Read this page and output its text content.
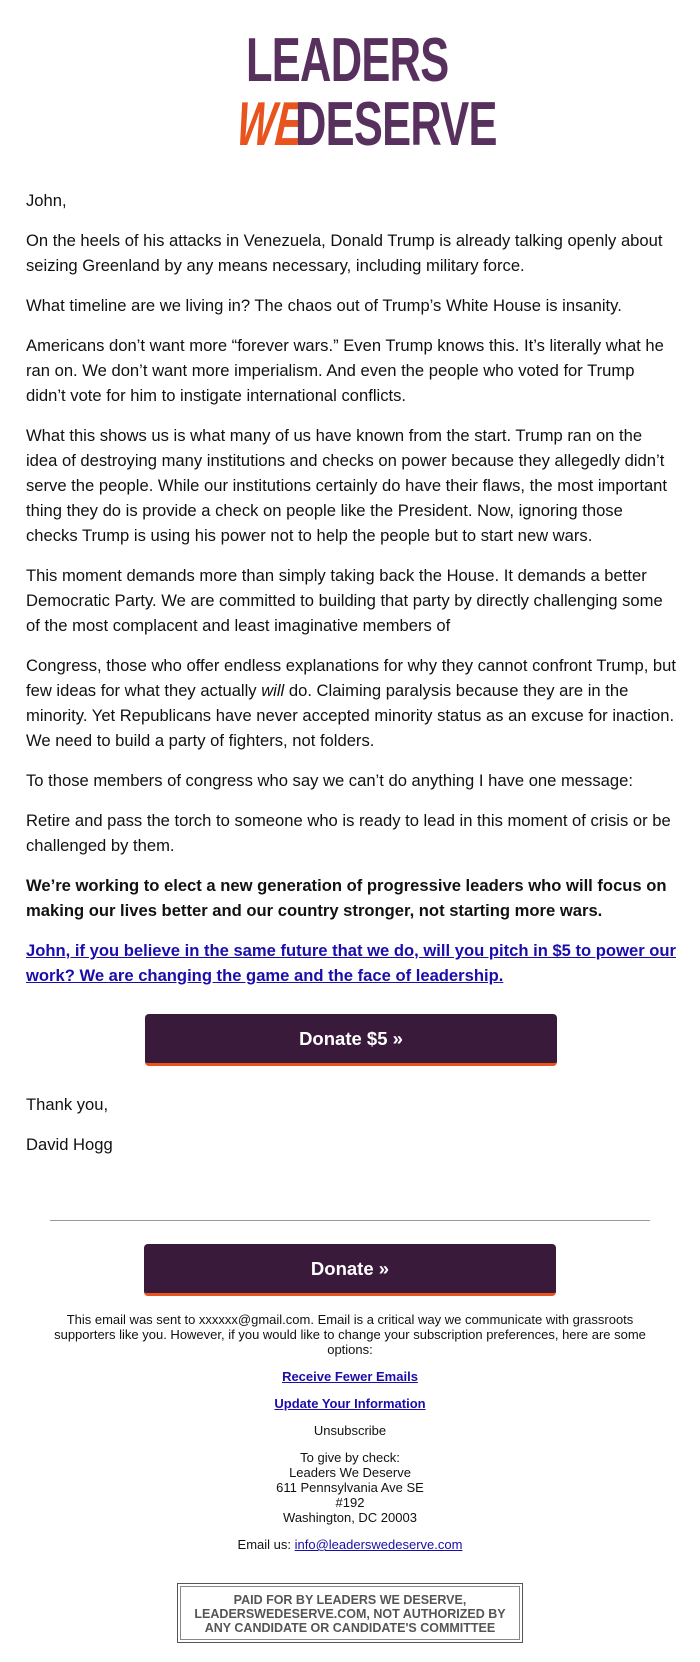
LEADERS
WE
DESERVE

John,

On the heels of his attacks in Venezuela, Donald Trump is already talking openly about seizing Greenland by any means necessary, including military force.

What timeline are we living in? The chaos out of Trump’s White House is insanity.

Americans don’t want more “forever wars.” Even Trump knows this. It’s literally what he ran on. We don’t want more imperialism. And even the people who voted for Trump didn’t vote for him to instigate international conflicts.

What this shows us is what many of us have known from the start. Trump ran on the idea of destroying many institutions and checks on power because they allegedly didn’t serve the people. While our institutions certainly do have their flaws, the most important thing they do is provide a check on people like the President. Now, ignoring those checks Trump is using his power not to help the people but to start new wars.

This moment demands more than simply taking back the House. It demands a better Democratic Party. We are committed to building that party by directly challenging some of the most complacent and least imaginative members of

Congress, those who offer endless explanations for why they cannot confront Trump, but few ideas for what they actually will do. Claiming paralysis because they are in the minority. Yet Republicans have never accepted minority status as an excuse for inaction. We need to build a party of fighters, not folders.

To those members of congress who say we can’t do anything I have one message:

Retire and pass the torch to someone who is ready to lead in this moment of crisis or be challenged by them.

We’re working to elect a new generation of progressive leaders who will focus on making our lives better and our country stronger, not starting more wars.

John, if you believe in the same future that we do, will you pitch in $5 to power our work? We are changing the game and the face of leadership.

Donate $5 »

Thank you,

David Hogg

Donate »

This email was sent to xxxxxx@gmail.com. Email is a critical way we communicate with grassroots supporters like you. However, if you would like to change your subscription preferences, here are some options:

Receive Fewer Emails

Update Your Information

Unsubscribe

To give by check:
Leaders We Deserve
611 Pennsylvania Ave SE
#192
Washington, DC 20003

Email us: info@leaderswedeserve.com

PAID FOR BY LEADERS WE DESERVE,
LEADERSWEDESERVE.COM, NOT AUTHORIZED BY
ANY CANDIDATE OR CANDIDATE'S COMMITTEE
